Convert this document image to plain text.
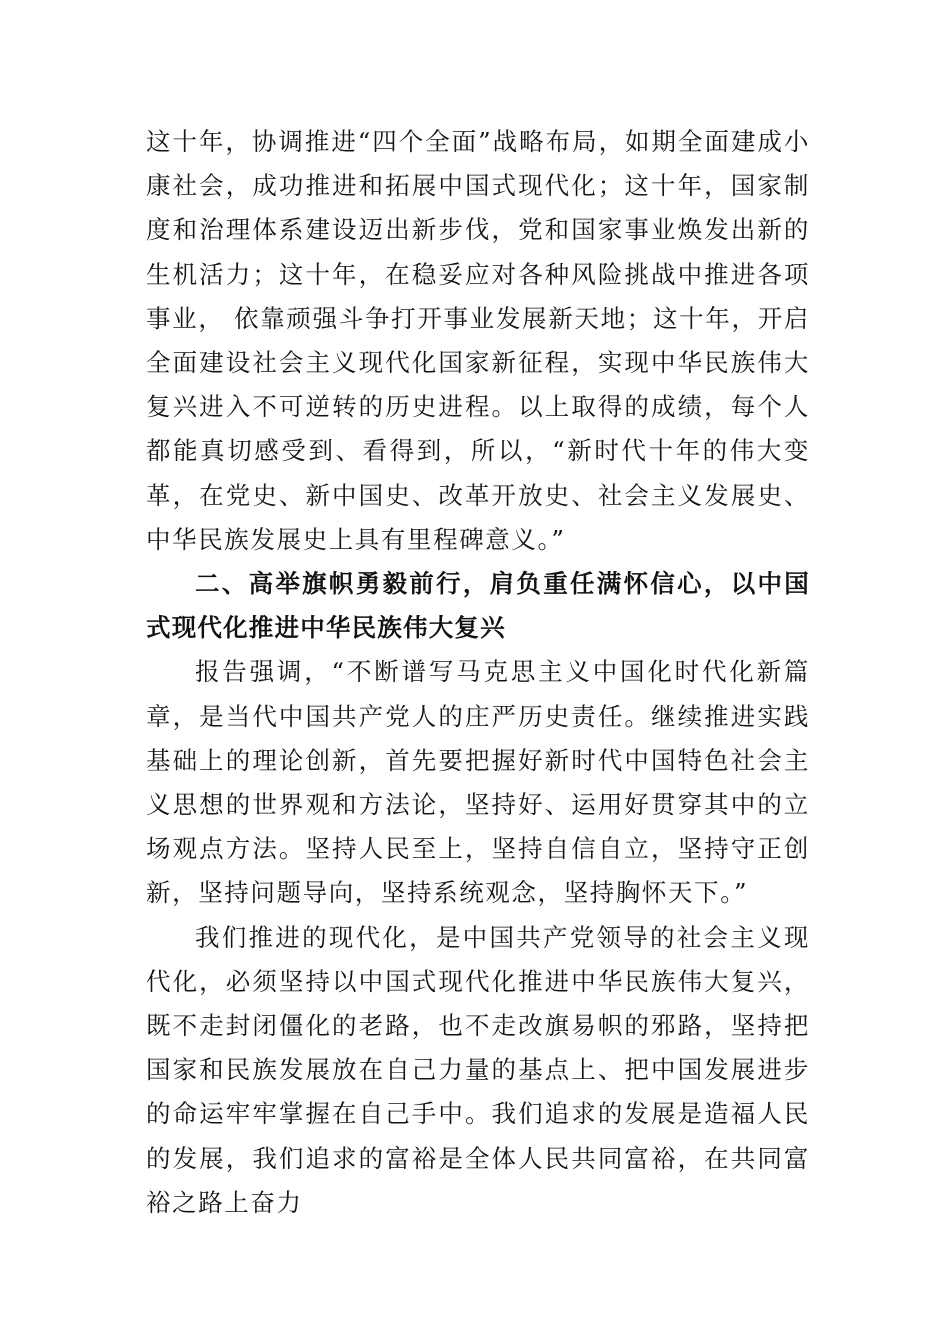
这十年，协调推进“四个全面”战略布局，如期全面建成小康社会，成功推进和拓展中国式现代化；这十年，国家制度和治理体系建设迈出新步伐，党和国家事业焕发出新的生机活力；这十年，在稳妥应对各种风险挑战中推进各项事业， 依靠顽强斗争打开事业发展新天地；这十年，开启全面建设社会主义现代化国家新征程，实现中华民族伟大复兴进入不可逆转的历史进程。以上取得的成绩，每个人都能真切感受到、看得到，所以，“新时代十年的伟大变革，在党史、新中国史、改革开放史、社会主义发展史、中华民族发展史上具有里程碑意义。”

二、高举旗帜勇毅前行，肩负重任满怀信心，以中国式现代化推进中华民族伟大复兴

报告强调，“不断谱写马克思主义中国化时代化新篇章，是当代中国共产党人的庄严历史责任。继续推进实践基础上的理论创新，首先要把握好新时代中国特色社会主义思想的世界观和方法论，坚持好、运用好贯穿其中的立场观点方法。坚持人民至上，坚持自信自立，坚持守正创新，坚持问题导向，坚持系统观念，坚持胸怀天下。”

我们推进的现代化，是中国共产党领导的社会主义现代化，必须坚持以中国式现代化推进中华民族伟大复兴，既不走封闭僵化的老路，也不走改旗易帜的邪路，坚持把国家和民族发展放在自己力量的基点上、把中国发展进步的命运牢牢掌握在自己手中。我们追求的发展是造福人民的发展，我们追求的富裕是全体人民共同富裕，在共同富裕之路上奋力
